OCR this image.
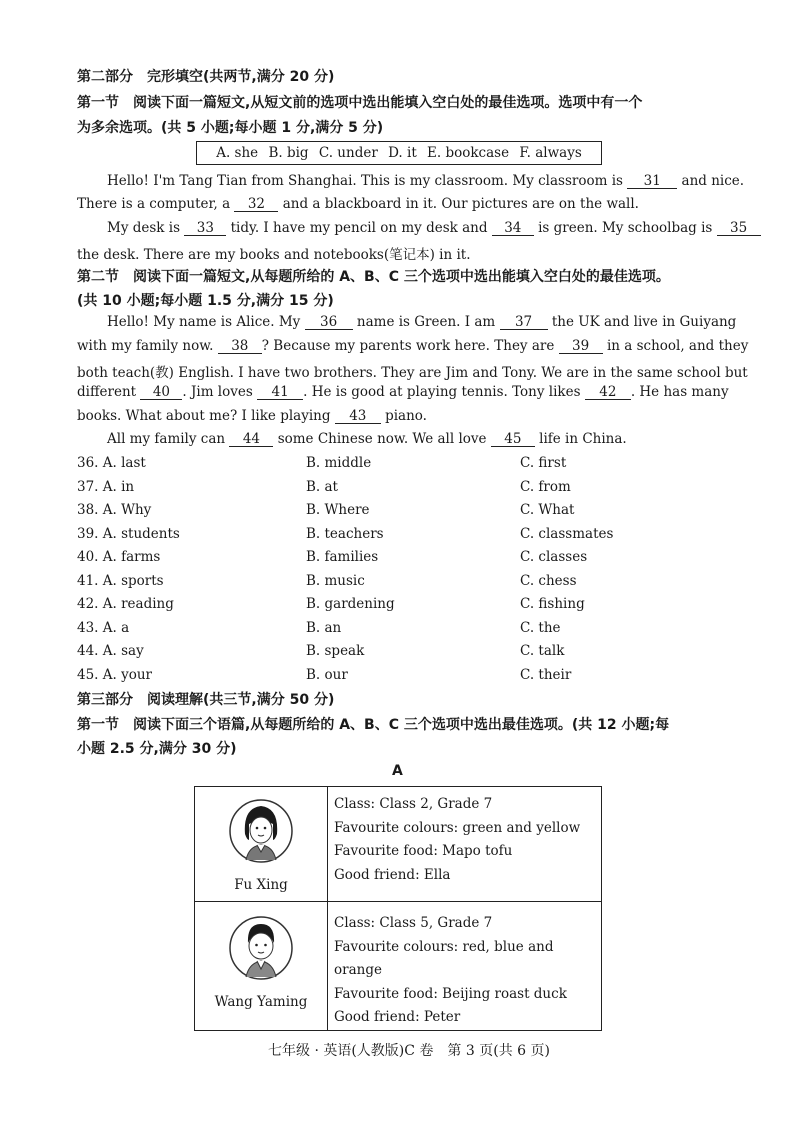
第二部分　完形填空(共两节,满分 20 分)
第一节　阅读下面一篇短文,从短文前的选项中选出能填入空白处的最佳选项。选项中有一个
为多余选项。(共 5 小题;每小题 1 分,满分 5 分)
A. she B. big C. under D. it E. bookcase F. always
Hello! I'm Tang Tian from Shanghai. This is my classroom. My classroom is 31 and nice.
There is a computer, a 32 and a blackboard in it. Our pictures are on the wall.
My desk is 33 tidy. I have my pencil on my desk and 34 is green. My schoolbag is 35
the desk. There are my books and notebooks(笔记本) in it.
第二节　阅读下面一篇短文,从每题所给的 A、B、C 三个选项中选出能填入空白处的最佳选项。
(共 10 小题;每小题 1.5 分,满分 15 分)
Hello! My name is Alice. My 36 name is Green. I am 37 the UK and live in Guiyang
with my family now. 38 ? Because my parents work here. They are 39 in a school, and they
both teach(教) English. I have two brothers. They are Jim and Tony. We are in the same school but
different 40 . Jim loves 41 . He is good at playing tennis. Tony likes 42 . He has many
books. What about me? I like playing 43 piano.
All my family can 44 some Chinese now. We all love 45 life in China.
36. A. last	B. middle	C. first
37. A. in	B. at	C. from
38. A. Why	B. Where	C. What
39. A. students	B. teachers	C. classmates
40. A. farms	B. families	C. classes
41. A. sports	B. music	C. chess
42. A. reading	B. gardening	C. fishing
43. A. a	B. an	C. the
44. A. say	B. speak	C. talk
45. A. your	B. our	C. their
第三部分　阅读理解(共三节,满分 50 分)
第一节　阅读下面三个语篇,从每题所给的 A、B、C 三个选项中选出最佳选项。(共 12 小题;每
小题 2.5 分,满分 30 分)
A
Fu Xing	Class: Class 2, Grade 7
Favourite colours: green and yellow
Favourite food: Mapo tofu
Good friend: Ella

Wang Yaming	Class: Class 5, Grade 7
Favourite colours: red, blue and orange
Favourite food: Beijing roast duck
Good friend: Peter
七年级 · 英语(人教版)C 卷　第 3 页(共 6 页)
